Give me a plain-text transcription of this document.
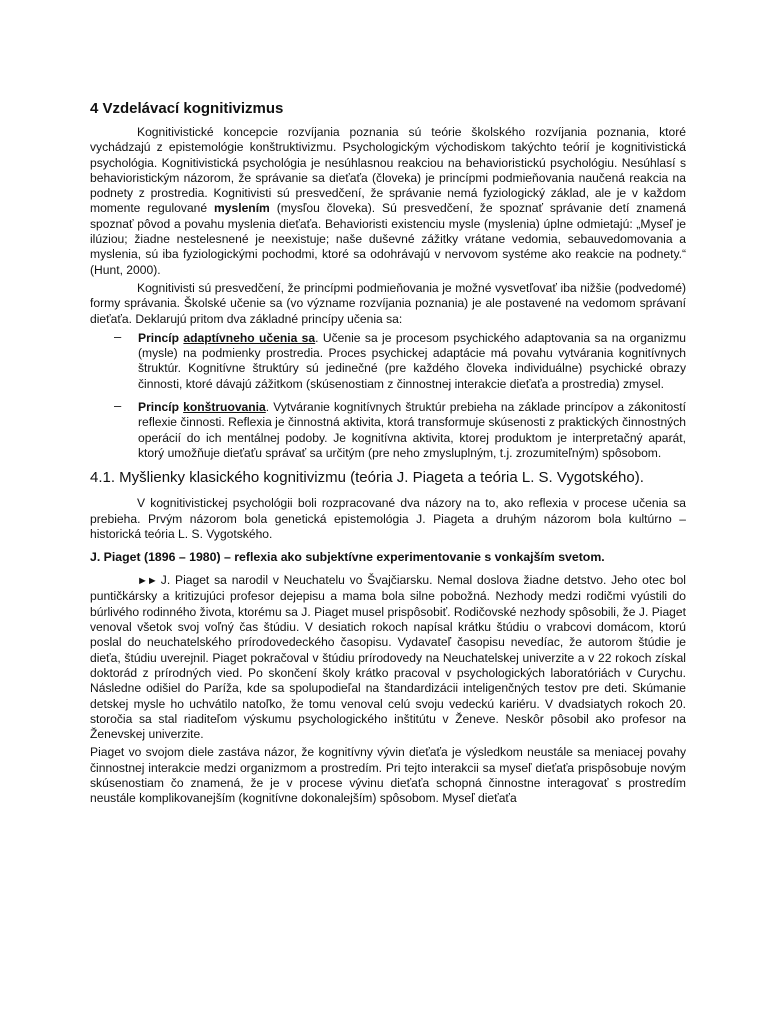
4 Vzdelávací kognitivizmus

Kognitivistické koncepcie rozvíjania poznania sú teórie školského rozvíjania poznania, ktoré vychádzajú z epistemológie konštruktivizmu. Psychologickým východiskom takýchto teórií je kognitivistická psychológia. Kognitivistická psychológia je nesúhlasnou reakciou na behavioristickú psychológiu. Nesúhlasí s behavioristickým názorom, že správanie sa dieťaťa (človeka) je princípmi podmieňovania naučená reakcia na podnety z prostredia. Kognitivisti sú presvedčení, že správanie nemá fyziologický základ, ale je v každom momente regulované myslením (mysľou človeka). Sú presvedčení, že spoznať správanie detí znamená spoznať pôvod a povahu myslenia dieťaťa. Behavioristi existenciu mysle (myslenia) úplne odmietajú: „Myseľ je ilúziou; žiadne nestelesnené je neexistuje; naše duševné zážitky vrátane vedomia, sebauvedomovania a myslenia, sú iba fyziologickými pochodmi, ktoré sa odohrávajú v nervovom systéme ako reakcie na podnety.“ (Hunt, 2000).

Kognitivisti sú presvedčení, že princípmi podmieňovania je možné vysvetľovať iba nižšie (podvedomé) formy správania. Školské učenie sa (vo význame rozvíjania poznania) je ale postavené na vedomom správaní dieťaťa. Deklarujú pritom dva základné princípy učenia sa:

– Princíp adaptívneho učenia sa. Učenie sa je procesom psychického adaptovania sa na organizmu (mysle) na podmienky prostredia. Proces psychickej adaptácie má povahu vytvárania kognitívnych štruktúr. Kognitívne štruktúry sú jedinečné (pre každého človeka individuálne) psychické obrazy činnosti, ktoré dávajú zážitkom (skúsenostiam z činnostnej interakcie dieťaťa a prostredia) zmysel.
– Princíp konštruovania. Vytváranie kognitívnych štruktúr prebieha na základe princípov a zákonitostí reflexie činnosti. Reflexia je činnostná aktivita, ktorá transformuje skúsenosti z praktických činnostných operácií do ich mentálnej podoby. Je kognitívna aktivita, ktorej produktom je interpretačný aparát, ktorý umožňuje dieťaťu správať sa určitým (pre neho zmysluplným, t.j. zrozumiteľným) spôsobom.
4.1. Myšlienky klasického kognitivizmu (teória J. Piageta a teória L. S. Vygotského).

V kognitivistickej psychológii boli rozpracované dva názory na to, ako reflexia v procese učenia sa prebieha. Prvým názorom bola genetická epistemológia J. Piageta a druhým názorom bola kultúrno – historická teória L. S. Vygotského.

J. Piaget (1896 – 1980) – reflexia ako subjektívne experimentovanie s vonkajším svetom.

►► J. Piaget sa narodil v Neuchatelu vo Švajčiarsku. Nemal doslova žiadne detstvo. Jeho otec bol puntičkársky a kritizujúci profesor dejepisu a mama bola silne pobožná. Nezhody medzi rodičmi vyústili do búrlivého rodinného života, ktorému sa J. Piaget musel prispôsobiť. Rodičovské nezhody spôsobili, že J. Piaget venoval všetok svoj voľný čas štúdiu. V desiatich rokoch napísal krátku štúdiu o vrabcovi domácom, ktorú poslal do neuchatelského prírodovedeckého časopisu. Vydavateľ časopisu nevedíac, že autorom štúdie je dieťa, štúdiu uverejnil. Piaget pokračoval v štúdiu prírodovedy na Neuchatelskej univerzite a v 22 rokoch získal doktorád z prírodných vied. Po skončení školy krátko pracoval v psychologických laboratóriách v Curychu. Následne odišiel do Paríža, kde sa spolupodieľal na štandardizácii inteligenčných testov pre deti. Skúmanie detskej mysle ho uchvátilo natoľko, že tomu venoval celú svoju vedeckú kariéru. V dvadsiatych rokoch 20. storočia sa stal riaditeľom výskumu psychologického inštitútu v Ženeve. Neskôr pôsobil ako profesor na Ženevskej univerzite.

Piaget vo svojom diele zastáva názor, že kognitívny vývin dieťaťa je výsledkom neustále sa meniacej povahy činnostnej interakcie medzi organizmom a prostredím. Pri tejto interakcii sa myseľ dieťaťa prispôsobuje novým skúsenostiam čo znamená, že je v procese vývinu dieťaťa schopná činnostne interagovať s prostredím neustále komplikovanejším (kognitívne dokonalejším) spôsobom. Myseľ dieťaťa
